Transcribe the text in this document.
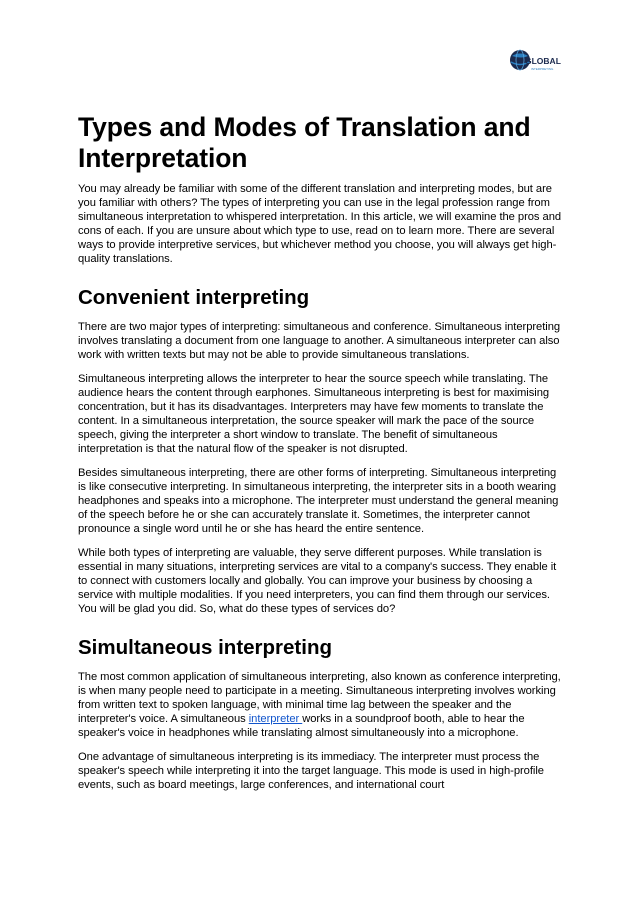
GLOBAL
INTERPRETING
Types and Modes of Translation and Interpretation

You may already be familiar with some of the different translation and interpreting modes, but are you familiar with others? The types of interpreting you can use in the legal profession range from simultaneous interpretation to whispered interpretation. In this article, we will examine the pros and cons of each. If you are unsure about which type to use, read on to learn more. There are several ways to provide interpretive services, but whichever method you choose, you will always get high-quality translations.

Convenient interpreting

There are two major types of interpreting: simultaneous and conference. Simultaneous interpreting involves translating a document from one language to another. A simultaneous interpreter can also work with written texts but may not be able to provide simultaneous translations.

Simultaneous interpreting allows the interpreter to hear the source speech while translating. The audience hears the content through earphones. Simultaneous interpreting is best for maximising concentration, but it has its disadvantages. Interpreters may have few moments to translate the content. In a simultaneous interpretation, the source speaker will mark the pace of the source speech, giving the interpreter a short window to translate. The benefit of simultaneous interpretation is that the natural flow of the speaker is not disrupted.

Besides simultaneous interpreting, there are other forms of interpreting. Simultaneous interpreting is like consecutive interpreting. In simultaneous interpreting, the interpreter sits in a booth wearing headphones and speaks into a microphone. The interpreter must understand the general meaning of the speech before he or she can accurately translate it. Sometimes, the interpreter cannot pronounce a single word until he or she has heard the entire sentence.

While both types of interpreting are valuable, they serve different purposes. While translation is essential in many situations, interpreting services are vital to a company's success. They enable it to connect with customers locally and globally. You can improve your business by choosing a service with multiple modalities. If you need interpreters, you can find them through our services. You will be glad you did. So, what do these types of services do?

Simultaneous interpreting

The most common application of simultaneous interpreting, also known as conference interpreting, is when many people need to participate in a meeting. Simultaneous interpreting involves working from written text to spoken language, with minimal time lag between the speaker and the interpreter's voice. A simultaneous interpreter works in a soundproof booth, able to hear the speaker's voice in headphones while translating almost simultaneously into a microphone.

One advantage of simultaneous interpreting is its immediacy. The interpreter must process the speaker's speech while interpreting it into the target language. This mode is used in high-profile events, such as board meetings, large conferences, and international court
